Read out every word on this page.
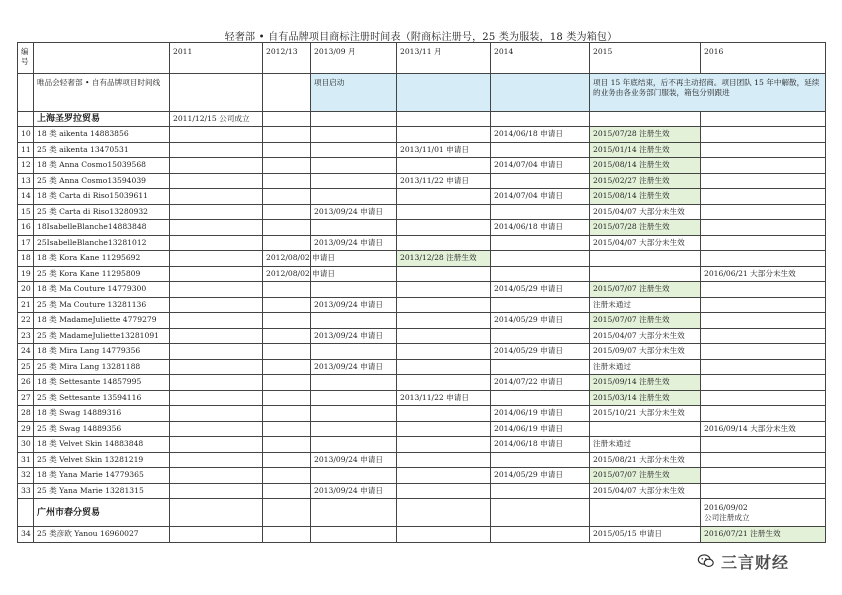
轻奢部 • 自有品牌项目商标注册时间表（附商标注册号，25 类为服装，18 类为箱包）
编号		2011	2012/13	2013/09 月	2013/11 月	2014	2015	2016
	唯品会轻奢部 • 自有品牌项目时间线			项目启动			项目 15 年底结束，后不再主动招商。项目团队 15 年中解散，延续的业务由各业务部门服装，箱包分别跟进	
	上海圣罗拉贸易	2011/12/15 公司成立						
10	18 类 aikenta 14883856					2014/06/18 申请日	2015/07/28 注册生效	
11	25 类 aikenta 13470531				2013/11/01 申请日		2015/01/14 注册生效	
12	18 类 Anna Cosmo15039568					2014/07/04 申请日	2015/08/14 注册生效	
13	25 类 Anna Cosmo13594039				2013/11/22 申请日		2015/02/27 注册生效	
14	18 类 Carta di Riso15039611					2014/07/04 申请日	2015/08/14 注册生效	
15	25 类 Carta di Riso13280932			2013/09/24 申请日			2015/04/07 大部分未生效	
16	18IsabelleBlanche14883848					2014/06/18 申请日	2015/07/28 注册生效	
17	25IsabelleBlanche13281012			2013/09/24 申请日			2015/04/07 大部分未生效	
18	18 类 Kora Kane 11295692		2012/08/02 申请日		2013/12/28 注册生效			
19	25 类 Kora Kane 11295809		2012/08/02 申请日					2016/06/21 大部分未生效
20	18 类 Ma Couture 14779300					2014/05/29 申请日	2015/07/07 注册生效	
21	25 类 Ma Couture 13281136			2013/09/24 申请日			注册未通过	
22	18 类 MadameJuliette 4779279					2014/05/29 申请日	2015/07/07 注册生效	
23	25 类 MadameJuliette13281091			2013/09/24 申请日			2015/04/07 大部分未生效	
24	18 类 Mira Lang 14779356					2014/05/29 申请日	2015/09/07 大部分未生效	
25	25 类 Mira Lang 13281188			2013/09/24 申请日			注册未通过	
26	18 类 Settesante 14857995					2014/07/22 申请日	2015/09/14 注册生效	
27	25 类 Settesante 13594116				2013/11/22 申请日		2015/03/14 注册生效	
28	18 类 Swag 14889316					2014/06/19 申请日	2015/10/21 大部分未生效	
29	25 类 Swag 14889356					2014/06/19 申请日		2016/09/14 大部分未生效
30	18 类 Velvet Skin 14883848					2014/06/18 申请日	注册未通过	
31	25 类 Velvet Skin 13281219			2013/09/24 申请日			2015/08/21 大部分未生效	
32	18 类 Yana Marie 14779365					2014/05/29 申请日	2015/07/07 注册生效	
33	25 类 Yana Marie 13281315			2013/09/24 申请日			2015/04/07 大部分未生效	
	广州市春分贸易							2016/09/02
公司注册成立

34	25 类彦欧 Yanou 16960027						2015/05/15 申请日	2016/07/21 注册生效
三言财经
